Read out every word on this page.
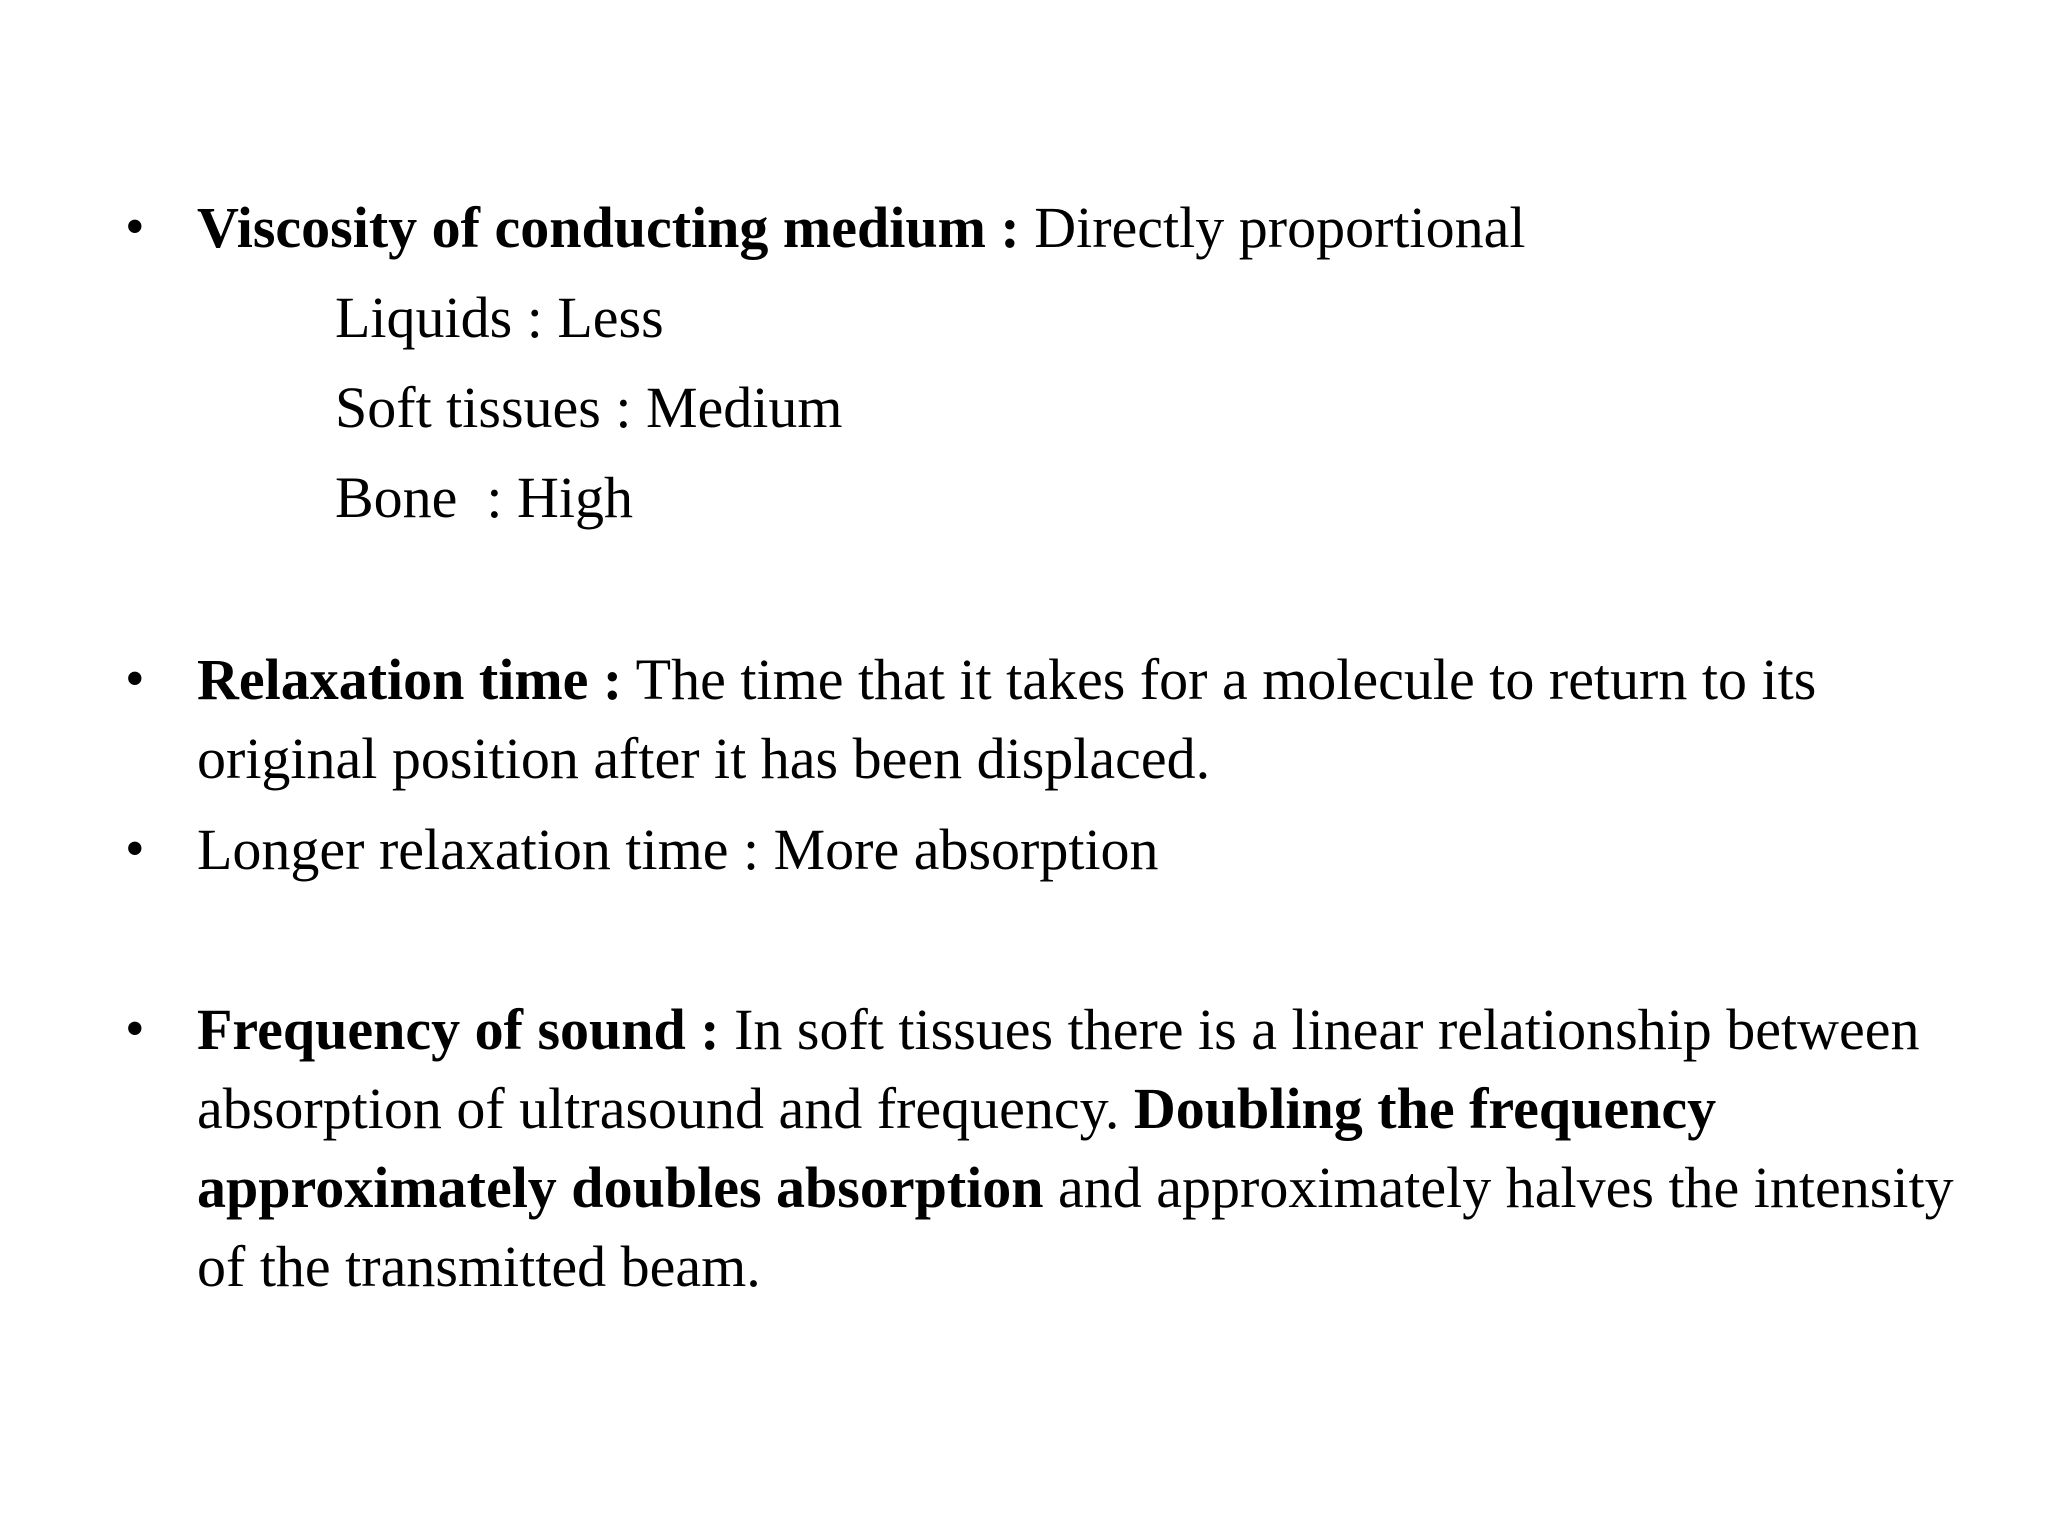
• Viscosity of conducting medium : Directly proportional
Liquids : Less
Soft tissues : Medium
Bone  : High
• Relaxation time : The time that it takes for a molecule to return to its original position after it has been displaced.
• Longer relaxation time : More absorption
• Frequency of sound : In soft tissues there is a linear relationship between absorption of ultrasound and frequency. Doubling the frequency approximately doubles absorption and approximately halves the intensity of the transmitted beam.
